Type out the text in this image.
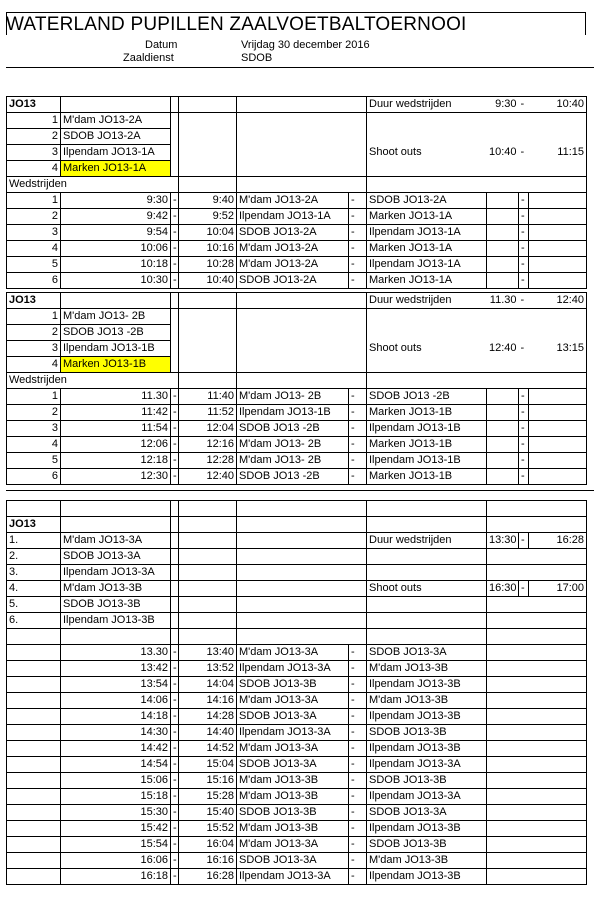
WATERLAND PUPILLEN ZAALVOETBALTOERNOOI
Datum	Vrijdag 30 december 2016
Zaaldienst	SDOB
JO13						Duur wedstrijden	9:30	-	10:40
1	M'dam JO13-2A								
2	SDOB JO13-2A								
3	Ilpendam JO13-1A					Shoot outs	10:40	-	11:15
4	Marken JO13-1A								
Wedstrijden									
1	9:30	-	9:40	M'dam JO13-2A	-	SDOB JO13-2A		-	
2	9:42	-	9:52	Ilpendam JO13-1A	-	Marken JO13-1A		-	
3	9:54	-	10:04	SDOB JO13-2A	-	Ilpendam JO13-1A		-	
4	10:06	-	10:16	M'dam JO13-2A	-	Marken JO13-1A		-	
5	10:18	-	10:28	M'dam JO13-2A	-	Ilpendam JO13-1A		-	
6	10:30	-	10:40	SDOB JO13-2A	-	Marken JO13-1A		-	
JO13						Duur wedstrijden	11.30	-	12:40
1	M'dam JO13- 2B								
2	SDOB JO13 -2B								
3	Ilpendam JO13-1B					Shoot outs	12:40	-	13:15
4	Marken JO13-1B								
Wedstrijden									
1	11.30	-	11:40	M'dam JO13- 2B	-	SDOB JO13 -2B		-	
2	11:42	-	11:52	Ilpendam JO13-1B	-	Marken JO13-1B		-	
3	11:54	-	12:04	SDOB JO13 -2B	-	Ilpendam JO13-1B		-	
4	12:06	-	12:16	M'dam JO13- 2B	-	Marken JO13-1B		-	
5	12:18	-	12:28	M'dam JO13- 2B	-	Ilpendam JO13-1B		-	
6	12:30	-	12:40	SDOB JO13 -2B	-	Marken JO13-1B		-	

JO13									
1.	M'dam JO13-3A					Duur wedstrijden	13:30	-	16:28
2.	SDOB JO13-3A								
3.	Ilpendam JO13-3A								
4.	M'dam JO13-3B					Shoot outs	16:30	-	17:00
5.	SDOB JO13-3B								
6.	Ilpendam JO13-3B								

	13.30	-	13:40	M'dam JO13-3A	-	SDOB JO13-3A			
	13:42	-	13:52	Ilpendam JO13-3A	-	M'dam JO13-3B			
	13:54	-	14:04	SDOB JO13-3B	-	Ilpendam JO13-3B			
	14:06	-	14:16	M'dam JO13-3A	-	M'dam JO13-3B			
	14:18	-	14:28	SDOB JO13-3A	-	Ilpendam JO13-3B			
	14:30	-	14:40	Ilpendam JO13-3A	-	SDOB JO13-3B			
	14:42	-	14:52	M'dam JO13-3A	-	Ilpendam JO13-3B			
	14:54	-	15:04	SDOB JO13-3A	-	Ilpendam JO13-3A			
	15:06	-	15:16	M'dam JO13-3B	-	SDOB JO13-3B			
	15:18	-	15:28	M'dam JO13-3B	-	Ilpendam JO13-3A			
	15:30	-	15:40	SDOB JO13-3B	-	SDOB JO13-3A			
	15:42	-	15:52	M'dam JO13-3B	-	Ilpendam JO13-3B			
	15:54	-	16:04	M'dam JO13-3A	-	SDOB JO13-3B			
	16:06	-	16:16	SDOB JO13-3A	-	M'dam JO13-3B			
	16:18	-	16:28	Ilpendam JO13-3A	-	Ilpendam JO13-3B			
